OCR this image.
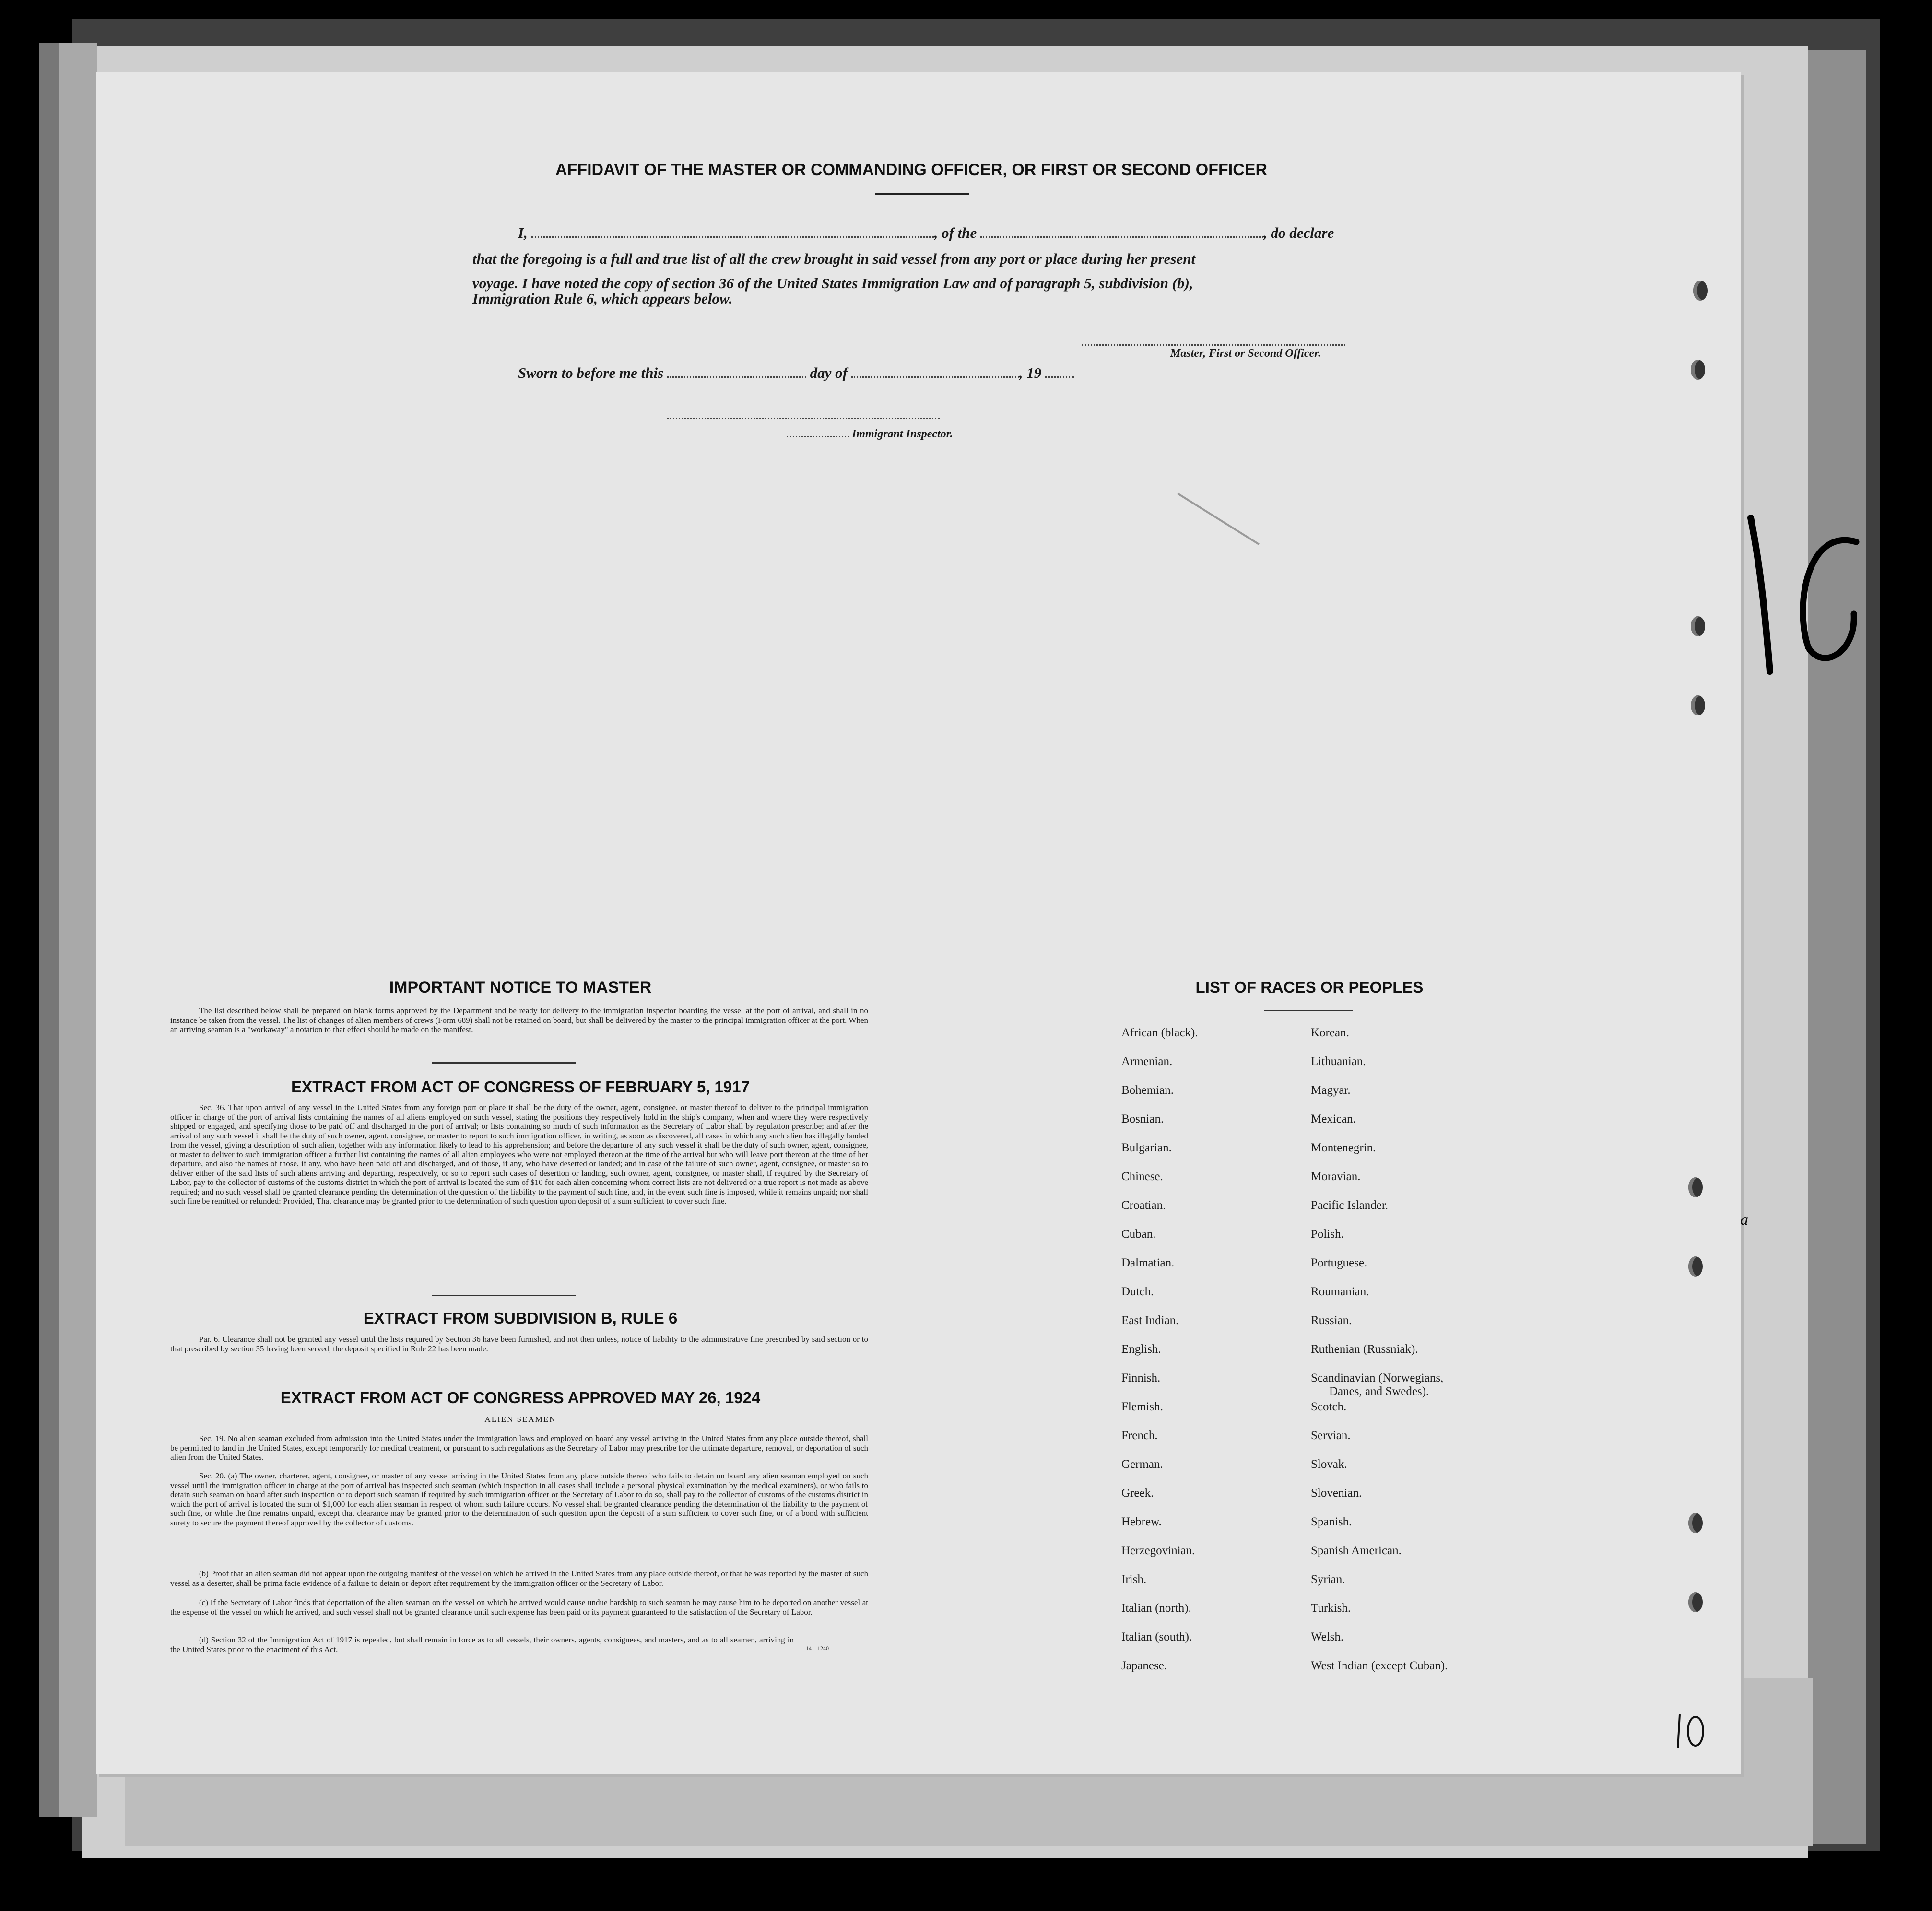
AFFIDAVIT OF THE MASTER OR COMMANDING OFFICER, OR FIRST OR SECOND OFFICER
I,	, of the	, do declare
that the foregoing is a full and true list of all the crew brought in said vessel from any port or place during her present
voyage. I have noted the copy of section 36 of the United States Immigration Law and of paragraph 5, subdivision (b),
Immigration Rule 6, which appears below.
Master, First or Second Officer.
Sworn to before me this	day of	, 19
Immigrant Inspector.
IMPORTANT NOTICE TO MASTER
The list described below shall be prepared on blank forms approved by the Department and be ready for delivery to the immigration inspector boarding the vessel at the port of arrival, and shall in no instance be taken from the vessel. The list of changes of alien members of crews (Form 689) shall not be retained on board, but shall be delivered by the master to the principal immigration officer at the port. When an arriving seaman is a "workaway" a notation to that effect should be made on the manifest.
EXTRACT FROM ACT OF CONGRESS OF FEBRUARY 5, 1917
Sec. 36. That upon arrival of any vessel in the United States from any foreign port or place it shall be the duty of the owner, agent, consignee, or master thereof to deliver to the principal immigration officer in charge of the port of arrival lists containing the names of all aliens employed on such vessel, stating the positions they respectively hold in the ship's company, when and where they were respectively shipped or engaged, and specifying those to be paid off and discharged in the port of arrival; or lists containing so much of such information as the Secretary of Labor shall by regulation prescribe; and after the arrival of any such vessel it shall be the duty of such owner, agent, consignee, or master to report to such immigration officer, in writing, as soon as discovered, all cases in which any such alien has illegally landed from the vessel, giving a description of such alien, together with any information likely to lead to his apprehension; and before the departure of any such vessel it shall be the duty of such owner, agent, consignee, or master to deliver to such immigration officer a further list containing the names of all alien employees who were not employed thereon at the time of the arrival but who will leave port thereon at the time of her departure, and also the names of those, if any, who have been paid off and discharged, and of those, if any, who have deserted or landed; and in case of the failure of such owner, agent, consignee, or master so to deliver either of the said lists of such aliens arriving and departing, respectively, or so to report such cases of desertion or landing, such owner, agent, consignee, or master shall, if required by the Secretary of Labor, pay to the collector of customs of the customs district in which the port of arrival is located the sum of $10 for each alien concerning whom correct lists are not delivered or a true report is not made as above required; and no such vessel shall be granted clearance pending the determination of the question of the liability to the payment of such fine, and, in the event such fine is imposed, while it remains unpaid; nor shall such fine be remitted or refunded: Provided, That clearance may be granted prior to the determination of such question upon deposit of a sum sufficient to cover such fine.
EXTRACT FROM SUBDIVISION B, RULE 6
Par. 6. Clearance shall not be granted any vessel until the lists required by Section 36 have been furnished, and not then unless, notice of liability to the administrative fine prescribed by said section or to that prescribed by section 35 having been served, the deposit specified in Rule 22 has been made.
EXTRACT FROM ACT OF CONGRESS APPROVED MAY 26, 1924
ALIEN SEAMEN
Sec. 19. No alien seaman excluded from admission into the United States under the immigration laws and employed on board any vessel arriving in the United States from any place outside thereof, shall be permitted to land in the United States, except temporarily for medical treatment, or pursuant to such regulations as the Secretary of Labor may prescribe for the ultimate departure, removal, or deportation of such alien from the United States.
Sec. 20. (a) The owner, charterer, agent, consignee, or master of any vessel arriving in the United States from any place outside thereof who fails to detain on board any alien seaman employed on such vessel until the immigration officer in charge at the port of arrival has inspected such seaman (which inspection in all cases shall include a personal physical examination by the medical examiners), or who fails to detain such seaman on board after such inspection or to deport such seaman if required by such immigration officer or the Secretary of Labor to do so, shall pay to the collector of customs of the customs district in which the port of arrival is located the sum of $1,000 for each alien seaman in respect of whom such failure occurs. No vessel shall be granted clearance pending the determination of the liability to the payment of such fine, or while the fine remains unpaid, except that clearance may be granted prior to the determination of such question upon the deposit of a sum sufficient to cover such fine, or of a bond with sufficient surety to secure the payment thereof approved by the collector of customs.
(b) Proof that an alien seaman did not appear upon the outgoing manifest of the vessel on which he arrived in the United States from any place outside thereof, or that he was reported by the master of such vessel as a deserter, shall be prima facie evidence of a failure to detain or deport after requirement by the immigration officer or the Secretary of Labor.
(c) If the Secretary of Labor finds that deportation of the alien seaman on the vessel on which he arrived would cause undue hardship to such seaman he may cause him to be deported on another vessel at the expense of the vessel on which he arrived, and such vessel shall not be granted clearance until such expense has been paid or its payment guaranteed to the satisfaction of the Secretary of Labor.
(d) Section 32 of the Immigration Act of 1917 is repealed, but shall remain in force as to all vessels, their owners, agents, consignees, and masters, and as to all seamen, arriving in the United States prior to the enactment of this Act.	14—1240
LIST OF RACES OR PEOPLES
African (black).
Armenian.
Bohemian.
Bosnian.
Bulgarian.
Chinese.
Croatian.
Cuban.
Dalmatian.
Dutch.
East Indian.
English.
Finnish.
Flemish.
French.
German.
Greek.
Hebrew.
Herzegovinian.
Irish.
Italian (north).
Italian (south).
Japanese.
Korean.
Lithuanian.
Magyar.
Mexican.
Montenegrin.
Moravian.
Pacific Islander.
Polish.
Portuguese.
Roumanian.
Russian.
Ruthenian (Russniak).
Scandinavian (Norwegians,
Danes, and Swedes).
Scotch.
Servian.
Slovak.
Slovenian.
Spanish.
Spanish American.
Syrian.
Turkish.
Welsh.
West Indian (except Cuban).
a
